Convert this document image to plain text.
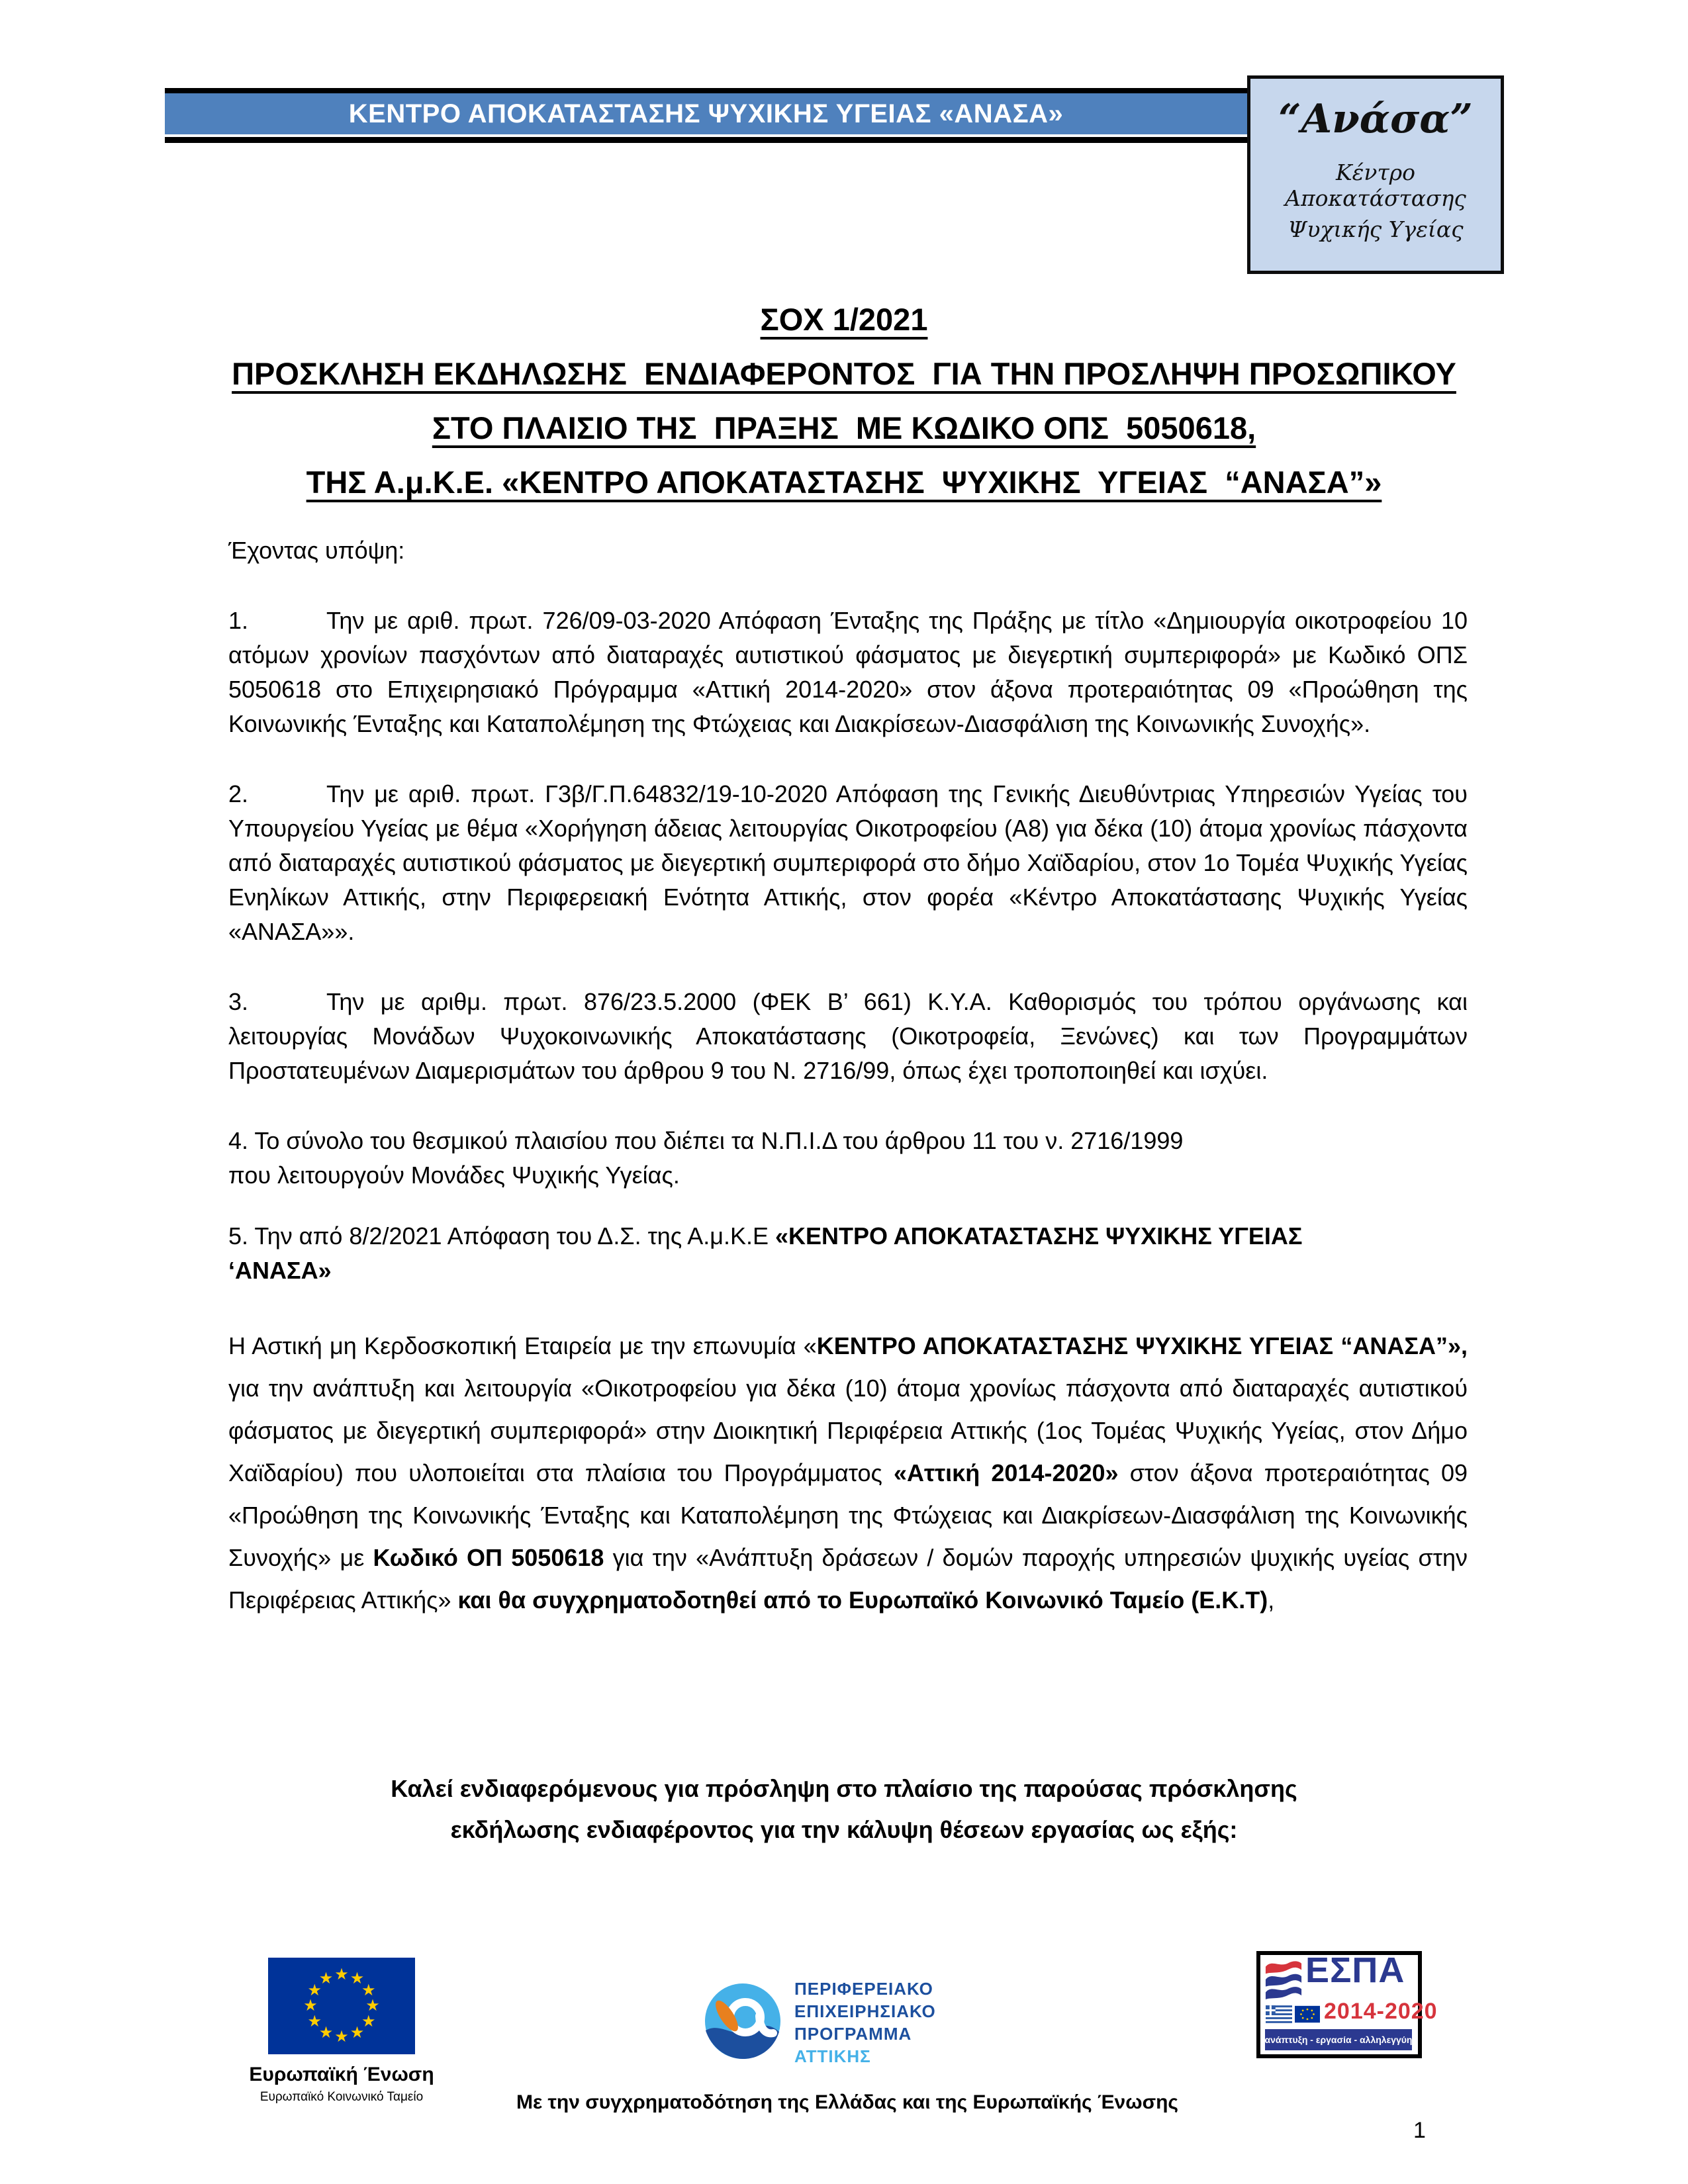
ΚΕΝΤΡΟ ΑΠΟΚΑΤΑΣΤΑΣΗΣ ΨΥΧΙΚΗΣ ΥΓΕΙΑΣ «ΑΝΑΣΑ»	“Ανάσα”
Κέντρο Αποκατάστασης
Ψυχικής Υγείας
ΣΟΧ 1/2021
ΠΡΟΣΚΛΗΣΗ ΕΚΔΗΛΩΣΗΣ  ΕΝΔΙΑΦΕΡΟΝΤΟΣ  ΓΙΑ ΤΗΝ ΠΡΟΣΛΗΨΗ ΠΡΟΣΩΠΙΚΟΥ
ΣΤΟ ΠΛΑΙΣΙΟ ΤΗΣ  ΠΡΑΞΗΣ  ΜΕ ΚΩΔΙΚΟ ΟΠΣ  5050618,
ΤΗΣ Α.μ.Κ.Ε. «ΚΕΝΤΡΟ ΑΠΟΚΑΤΑΣΤΑΣΗΣ  ΨΥΧΙΚΗΣ  ΥΓΕΙΑΣ  “ΑΝΑΣΑ”»

Έχοντας υπόψη:

1.	Την με αριθ. πρωτ. 726/09-03-2020 Απόφαση Ένταξης της Πράξης με τίτλο «Δημιουργία οικοτροφείου 10 ατόμων χρονίων πασχόντων από διαταραχές αυτιστικού φάσματος με διεγερτική συμπεριφορά» με Κωδικό ΟΠΣ 5050618 στο Επιχειρησιακό Πρόγραμμα «Αττική 2014-2020» στον άξονα προτεραιότητας 09 «Προώθηση της Κοινωνικής Ένταξης και Καταπολέμηση της Φτώχειας και Διακρίσεων-Διασφάλιση της Κοινωνικής Συνοχής».

2.	Την με αριθ. πρωτ. Γ3β/Γ.Π.64832/19-10-2020 Απόφαση της Γενικής Διευθύντριας Υπηρεσιών Υγείας του Υπουργείου Υγείας με θέμα «Χορήγηση άδειας λειτουργίας Οικοτροφείου (Α8) για δέκα (10) άτομα χρονίως πάσχοντα από διαταραχές αυτιστικού φάσματος με διεγερτική συμπεριφορά στο δήμο Χαϊδαρίου, στον 1ο Τομέα Ψυχικής Υγείας Ενηλίκων Αττικής, στην Περιφερειακή Ενότητα Αττικής, στον φορέα «Κέντρο Αποκατάστασης Ψυχικής Υγείας «ΑΝΑΣΑ»».

3.	Την με αριθμ. πρωτ. 876/23.5.2000 (ΦΕΚ Β’ 661) Κ.Υ.Α. Καθορισμός του τρόπου οργάνωσης και λειτουργίας Μονάδων Ψυχοκοινωνικής Αποκατάστασης (Οικοτροφεία, Ξενώνες) και των Προγραμμάτων Προστατευμένων Διαμερισμάτων του άρθρου 9 του Ν. 2716/99, όπως έχει τροποποιηθεί και ισχύει.

4. Το σύνολο του θεσμικού πλαισίου που διέπει τα Ν.Π.Ι.Δ του άρθρου 11 του ν. 2716/1999
που λειτουργούν Μονάδες Ψυχικής Υγείας.

5. Την από 8/2/2021 Απόφαση του Δ.Σ. της Α.μ.Κ.Ε «ΚΕΝΤΡΟ ΑΠΟΚΑΤΑΣΤΑΣΗΣ ΨΥΧΙΚΗΣ ΥΓΕΙΑΣ
‘ΑΝΑΣΑ»

Η Αστική μη Κερδοσκοπική Εταιρεία με την επωνυμία «ΚΕΝΤΡΟ ΑΠΟΚΑΤΑΣΤΑΣΗΣ ΨΥΧΙΚΗΣ ΥΓΕΙΑΣ “ΑΝΑΣΑ”», για την ανάπτυξη και λειτουργία «Οικοτροφείου για δέκα (10) άτομα χρονίως πάσχοντα από διαταραχές αυτιστικού φάσματος με διεγερτική συμπεριφορά» στην Διοικητική Περιφέρεια Αττικής (1ος Τομέας Ψυχικής Υγείας, στον Δήμο Χαϊδαρίου) που υλοποιείται στα πλαίσια του Προγράμματος «Αττική 2014-2020» στον άξονα προτεραιότητας 09 «Προώθηση της Κοινωνικής Ένταξης και Καταπολέμηση της Φτώχειας και Διακρίσεων-Διασφάλιση της Κοινωνικής Συνοχής» με Κωδικό ΟΠ 5050618 για την «Ανάπτυξη δράσεων / δομών παροχής υπηρεσιών ψυχικής υγείας στην Περιφέρειας Αττικής» και θα συγχρηματοδοτηθεί από το Ευρωπαϊκό Κοινωνικό Ταμείο (Ε.Κ.Τ),

Καλεί ενδιαφερόμενους για πρόσληψη στο πλαίσιο της παρούσας πρόσκλησης εκδήλωσης ενδιαφέροντος για την κάλυψη θέσεων εργασίας ως εξής:
★ ★
★
★
★
★
★
★
★
★
★
★
Ευρωπαϊκή Ένωση
Ευρωπαϊκό Κοινωνικό Ταμείο
ΠΕΡΙΦΕΡΕΙΑΚΟ
ΕΠΙΧΕΙΡΗΣΙΑΚΟ
ΠΡΟΓΡΑΜΜΑ
ΑΤΤΙΚΗΣ
ΕΣΠΑ
2014-2020
ανάπτυξη - εργασία - αλληλεγγύη
Με την συγχρηματοδότηση της Ελλάδας και της Ευρωπαϊκής Ένωσης
1
